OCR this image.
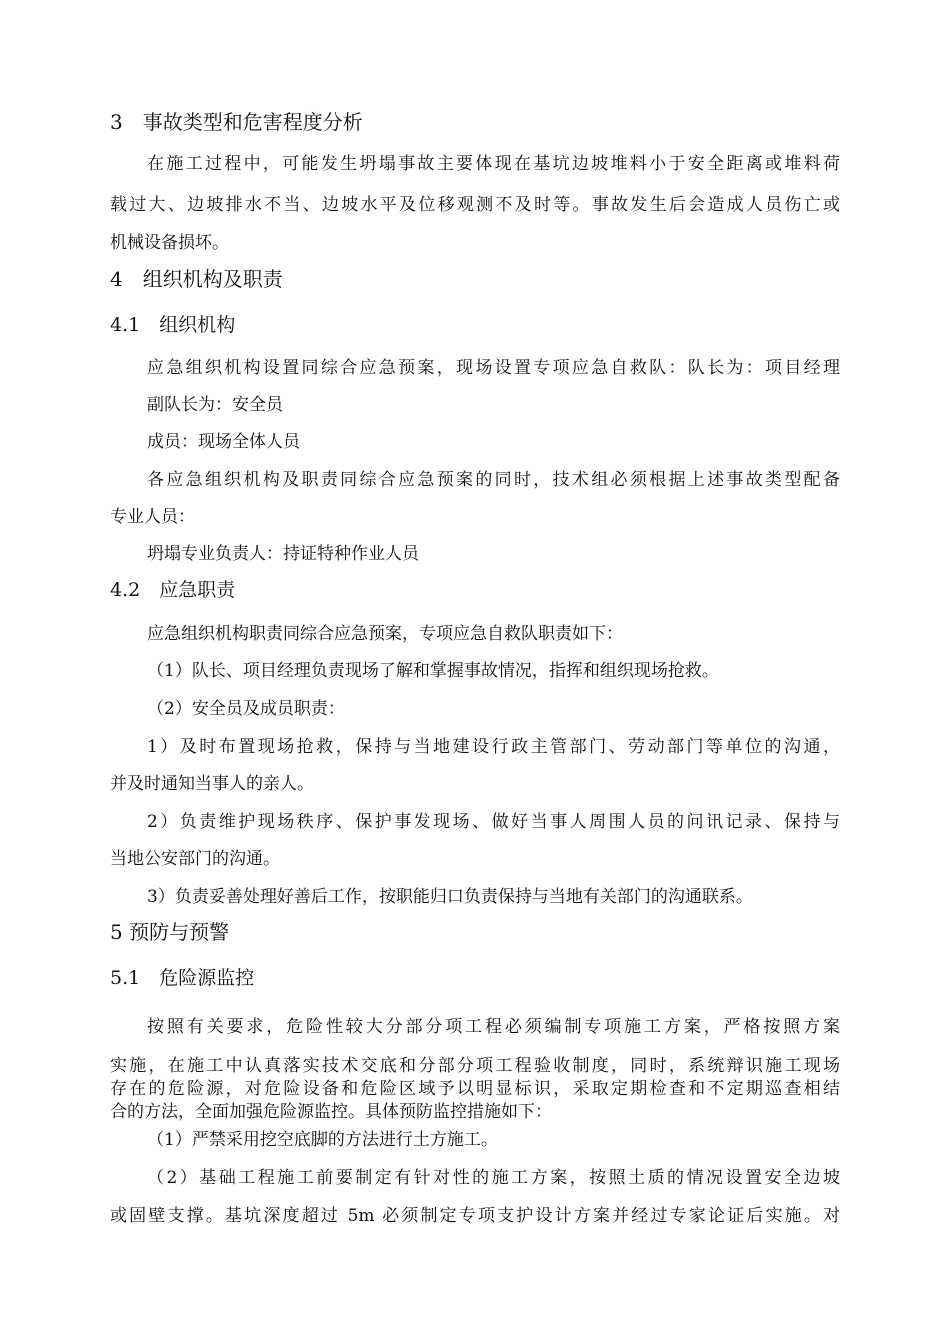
3　事故类型和危害程度分析
在施工过程中，可能发生坍塌事故主要体现在基坑边坡堆料小于安全距离或堆料荷
载过大、边坡排水不当、边坡水平及位移观测不及时等。事故发生后会造成人员伤亡或
机械设备损坏。
4　组织机构及职责
4.1　组织机构
应急组织机构设置同综合应急预案，现场设置专项应急自救队：队长为：项目经理
副队长为：安全员
成员：现场全体人员
各应急组织机构及职责同综合应急预案的同时，技术组必须根据上述事故类型配备
专业人员：
坍塌专业负责人：持证特种作业人员
4.2　应急职责
应急组织机构职责同综合应急预案，专项应急自救队职责如下：
（1）队长、项目经理负责现场了解和掌握事故情况，指挥和组织现场抢救。
（2）安全员及成员职责：
1）及时布置现场抢救，保持与当地建设行政主管部门、劳动部门等单位的沟通，
并及时通知当事人的亲人。
2）负责维护现场秩序、保护事发现场、做好当事人周围人员的问讯记录、保持与
当地公安部门的沟通。
3）负责妥善处理好善后工作，按职能归口负责保持与当地有关部门的沟通联系。
5 预防与预警
5.1　危险源监控
按照有关要求，危险性较大分部分项工程必须编制专项施工方案，严格按照方案
实施，在施工中认真落实技术交底和分部分项工程验收制度，同时，系统辩识施工现场
存在的危险源，对危险设备和危险区域予以明显标识，采取定期检查和不定期巡查相结
合的方法，全面加强危险源监控。具体预防监控措施如下：
（1）严禁采用挖空底脚的方法进行土方施工。
（2）基础工程施工前要制定有针对性的施工方案，按照土质的情况设置安全边坡
或固壁支撑。基坑深度超过 5m 必须制定专项支护设计方案并经过专家论证后实施。对
